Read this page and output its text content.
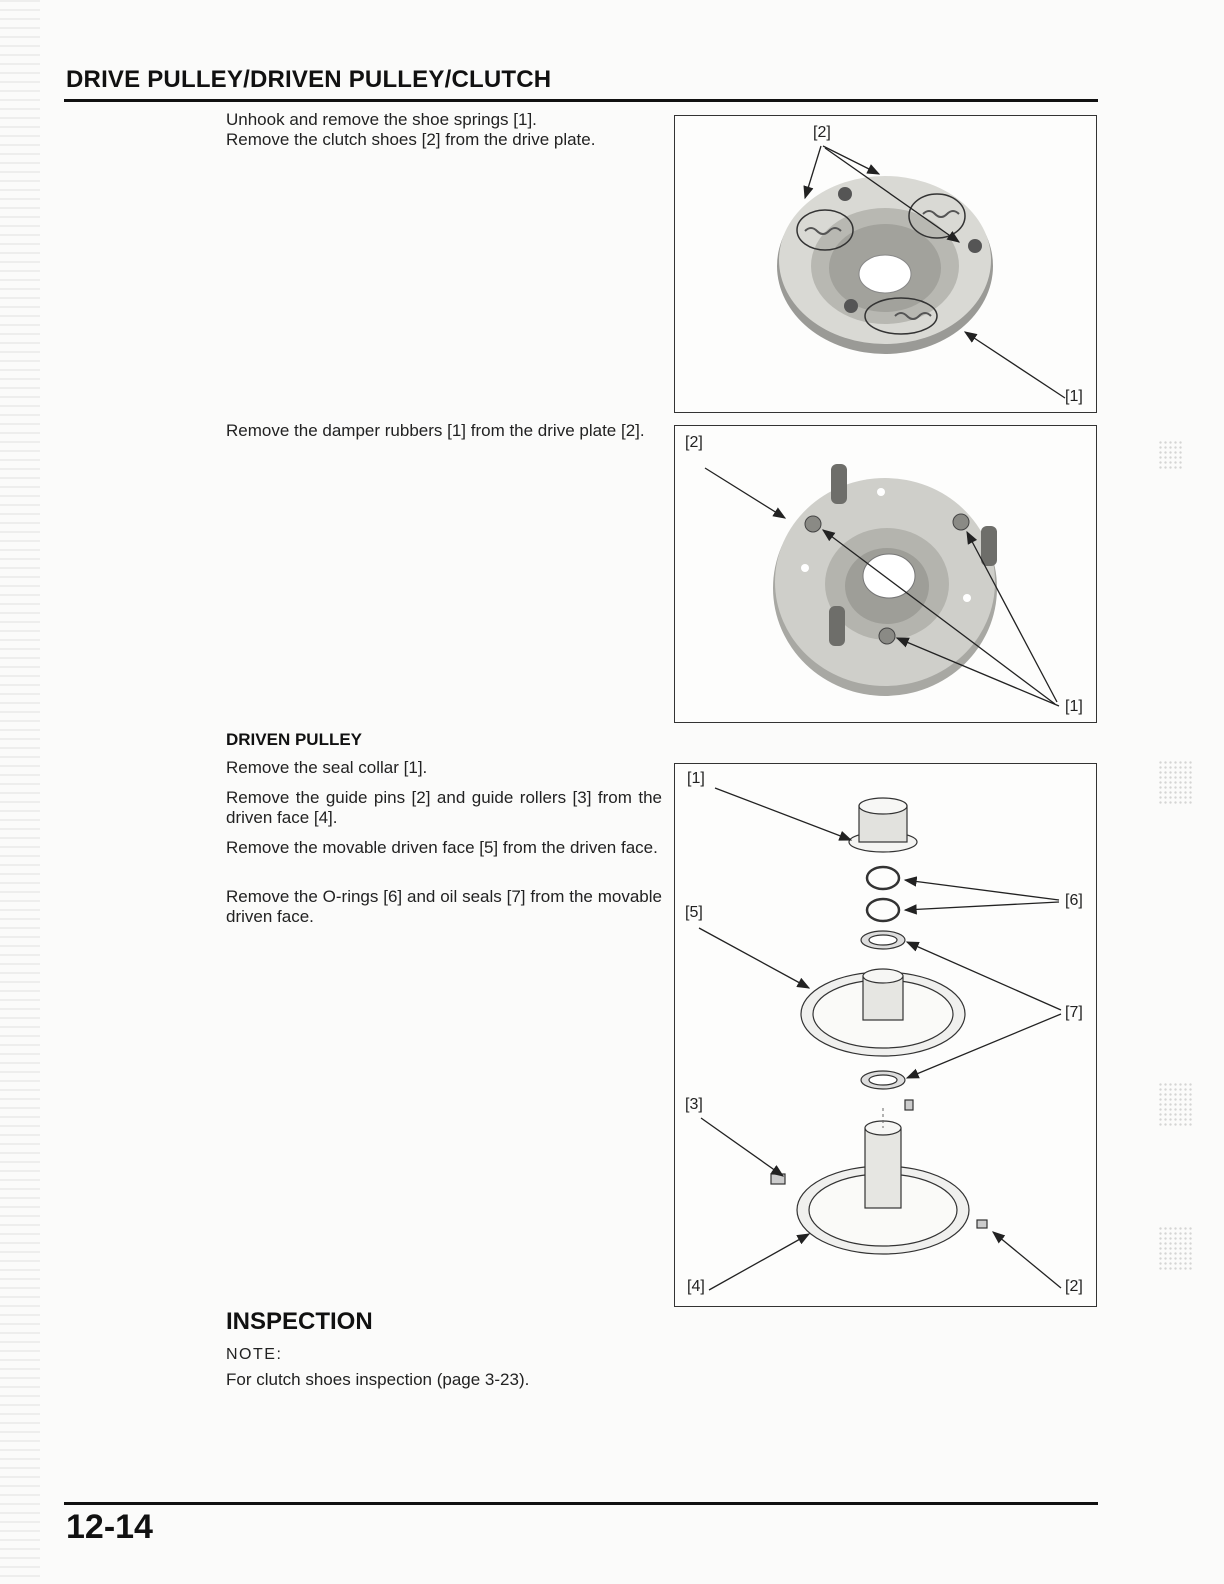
DRIVE PULLEY/DRIVEN PULLEY/CLUTCH

Unhook and remove the shoe springs [1].

Remove the clutch shoes [2] from the drive plate.	[2]
[1]

Remove the damper rubbers [1] from the drive plate [2].

[2]
[1]
DRIVEN PULLEY

Remove the seal collar [1].

Remove the guide pins [2] and guide rollers [3] from the driven face [4].

Remove the movable driven face [5] from the driven face.

Remove the O-rings [6] and oil seals [7] from the movable driven face.

[1]
[6]
[5]
[7]
[3]
[4]	[2]
INSPECTION
NOTE:

For clutch shoes inspection (page 3-23).

12-14
